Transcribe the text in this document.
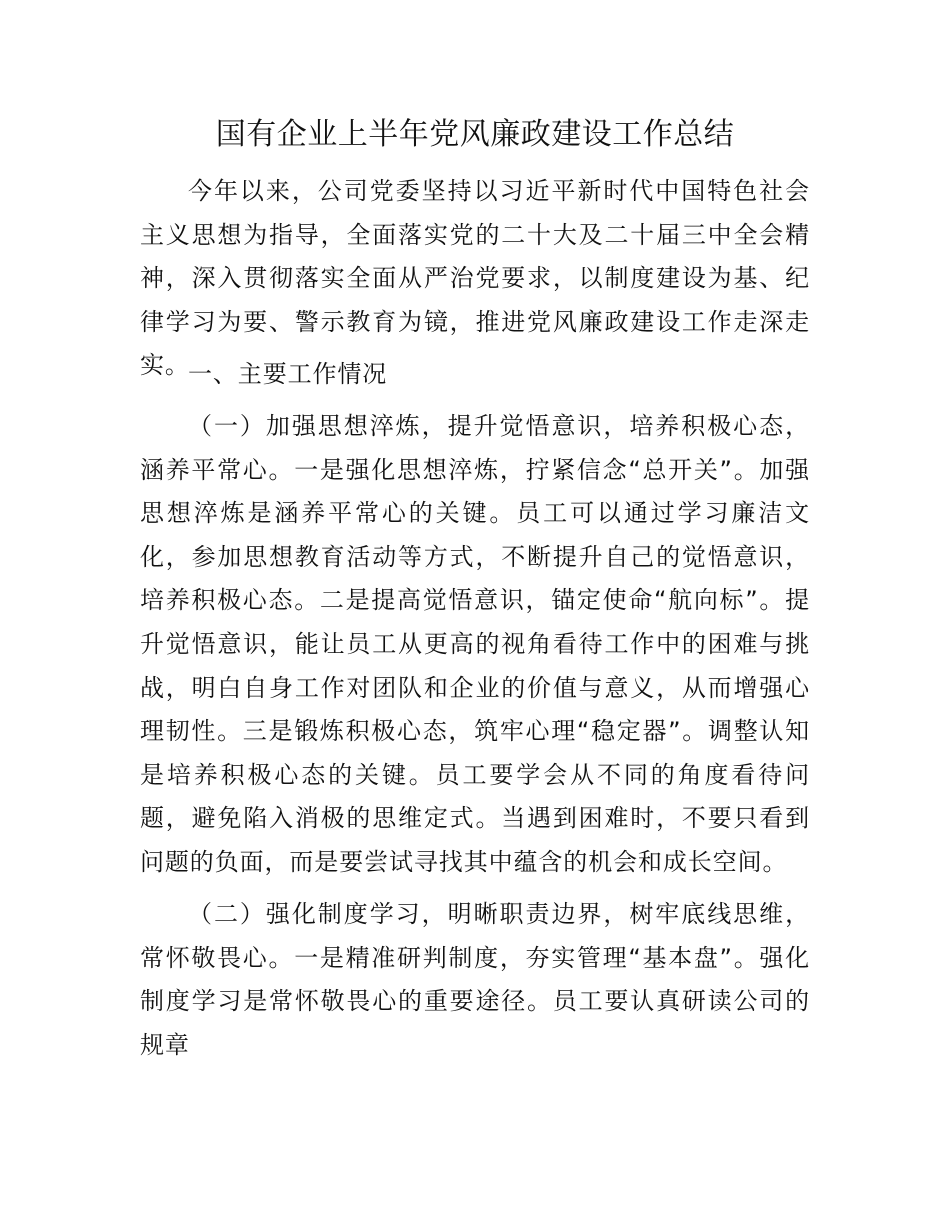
国有企业上半年党风廉政建设工作总结

今年以来，公司党委坚持以习近平新时代中国特色社会主义思想为指导，全面落实党的二十大及二十届三中全会精神，深入贯彻落实全面从严治党要求，以制度建设为基、纪律学习为要、警示教育为镜，推进党风廉政建设工作走深走实。

一、主要工作情况

（一）加强思想淬炼，提升觉悟意识，培养积极心态，涵养平常心。一是强化思想淬炼，拧紧信念“总开关”。加强思想淬炼是涵养平常心的关键。员工可以通过学习廉洁文化，参加思想教育活动等方式，不断提升自己的觉悟意识，培养积极心态。二是提高觉悟意识，锚定使命“航向标”。提升觉悟意识，能让员工从更高的视角看待工作中的困难与挑战，明白自身工作对团队和企业的价值与意义，从而增强心理韧性。三是锻炼积极心态，筑牢心理“稳定器”。调整认知是培养积极心态的关键。员工要学会从不同的角度看待问题，避免陷入消极的思维定式。当遇到困难时，不要只看到问题的负面，而是要尝试寻找其中蕴含的机会和成长空间。

（二）强化制度学习，明晰职责边界，树牢底线思维，常怀敬畏心。一是精准研判制度，夯实管理“基本盘”。强化制度学习是常怀敬畏心的重要途径。员工要认真研读公司的规章
